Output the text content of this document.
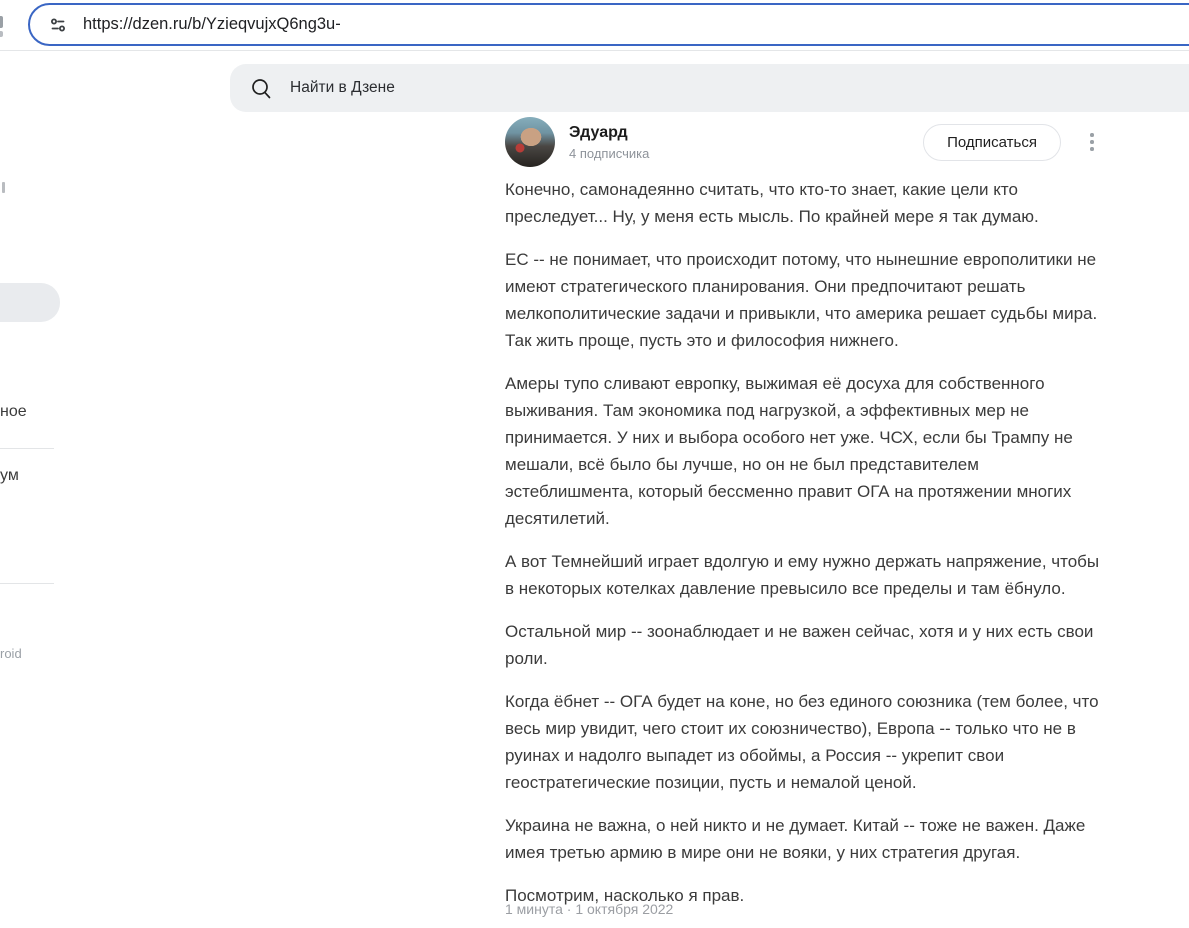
https://dzen.ru/b/YzieqvujxQ6ng3u-
Найти в Дзене
ное
ум
roid
Эдуард
4 подписчика
Подписаться

Конечно, самонадеянно считать, что кто-то знает, какие цели кто преследует... Ну, у меня есть мысль. По крайней мере я так думаю.

ЕС -- не понимает, что происходит потому, что нынешние европолитики не имеют стратегического планирования. Они предпочитают решать мелкополитические задачи и привыкли, что америка решает судьбы мира. Так жить проще, пусть это и философия нижнего.

Амеры тупо сливают европку, выжимая её досуха для собственного выживания. Там экономика под нагрузкой, а эффективных мер не принимается. У них и выбора особого нет уже. ЧСХ, если бы Трампу не мешали, всё было бы лучше, но он не был представителем эстеблишмента, который бессменно правит ОГА на протяжении многих десятилетий.

А вот Темнейший играет вдолгую и ему нужно держать напряжение, чтобы в некоторых котелках давление превысило все пределы и там ёбнуло.

Остальной мир -- зоонаблюдает и не важен сейчас, хотя и у них есть свои роли.

Когда ёбнет -- ОГА будет на коне, но без единого союзника (тем более, что весь мир увидит, чего стоит их союзничество), Европа -- только что не в руинах и надолго выпадет из обоймы, а Россия -- укрепит свои геостратегические позиции, пусть и немалой ценой.

Украина не важна, о ней никто и не думает. Китай -- тоже не важен. Даже имея третью армию в мире они не вояки, у них стратегия другая.

Посмотрим, насколько я прав.

1 минута · 1 октября 2022
